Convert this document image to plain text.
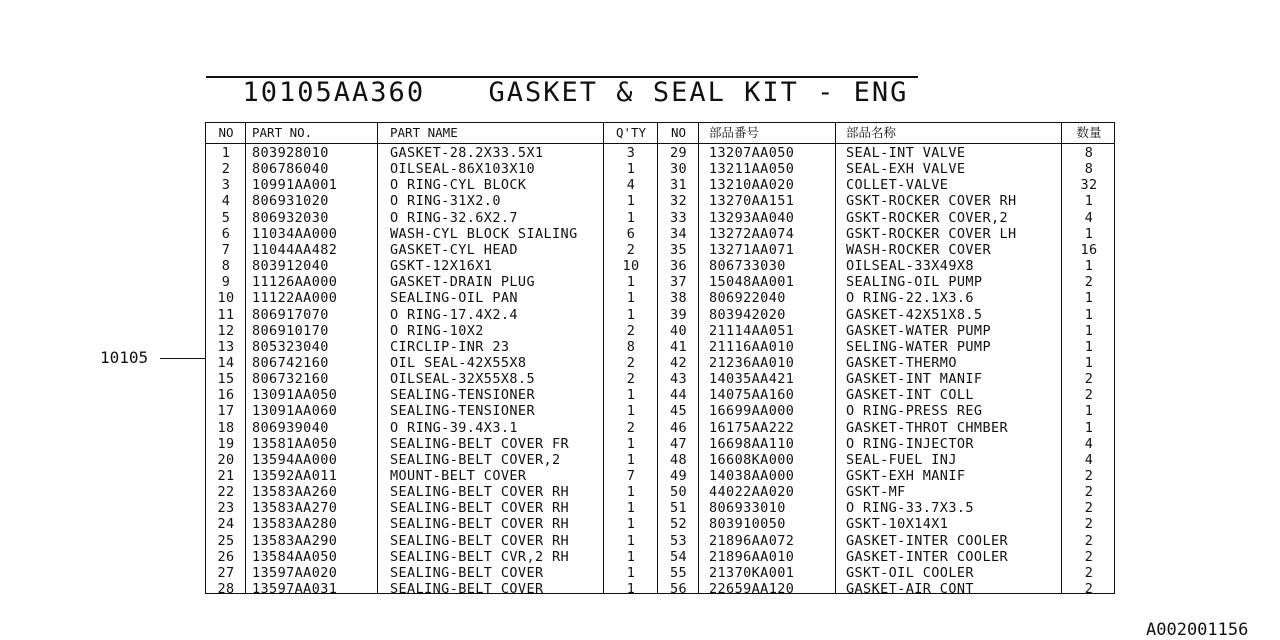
10105AA360 GASKET & SEAL KIT - ENG

10105
NO	PART NO.	PART NAME	Q'TY	NO	部品番号	部品名称	数量
1	803928010	GASKET-28.2X33.5X1	3	29	13207AA050	SEAL-INT VALVE	8
2	806786040	OILSEAL-86X103X10	1	30	13211AA050	SEAL-EXH VALVE	8
3	10991AA001	O RING-CYL BLOCK	4	31	13210AA020	COLLET-VALVE	32
4	806931020	O RING-31X2.0	1	32	13270AA151	GSKT-ROCKER COVER RH	1
5	806932030	O RING-32.6X2.7	1	33	13293AA040	GSKT-ROCKER COVER,2	4
6	11034AA000	WASH-CYL BLOCK SIALING	6	34	13272AA074	GSKT-ROCKER COVER LH	1
7	11044AA482	GASKET-CYL HEAD	2	35	13271AA071	WASH-ROCKER COVER	16
8	803912040	GSKT-12X16X1	10	36	806733030	OILSEAL-33X49X8	1
9	11126AA000	GASKET-DRAIN PLUG	1	37	15048AA001	SEALING-OIL PUMP	2
10	11122AA000	SEALING-OIL PAN	1	38	806922040	O RING-22.1X3.6	1
11	806917070	O RING-17.4X2.4	1	39	803942020	GASKET-42X51X8.5	1
12	806910170	O RING-10X2	2	40	21114AA051	GASKET-WATER PUMP	1
13	805323040	CIRCLIP-INR 23	8	41	21116AA010	SELING-WATER PUMP	1
14	806742160	OIL SEAL-42X55X8	2	42	21236AA010	GASKET-THERMO	1
15	806732160	OILSEAL-32X55X8.5	2	43	14035AA421	GASKET-INT MANIF	2
16	13091AA050	SEALING-TENSIONER	1	44	14075AA160	GASKET-INT COLL	2
17	13091AA060	SEALING-TENSIONER	1	45	16699AA000	O RING-PRESS REG	1
18	806939040	O RING-39.4X3.1	2	46	16175AA222	GASKET-THROT CHMBER	1
19	13581AA050	SEALING-BELT COVER FR	1	47	16698AA110	O RING-INJECTOR	4
20	13594AA000	SEALING-BELT COVER,2	1	48	16608KA000	SEAL-FUEL INJ	4
21	13592AA011	MOUNT-BELT COVER	7	49	14038AA000	GSKT-EXH MANIF	2
22	13583AA260	SEALING-BELT COVER RH	1	50	44022AA020	GSKT-MF	2
23	13583AA270	SEALING-BELT COVER RH	1	51	806933010	O RING-33.7X3.5	2
24	13583AA280	SEALING-BELT COVER RH	1	52	803910050	GSKT-10X14X1	2
25	13583AA290	SEALING-BELT COVER RH	1	53	21896AA072	GASKET-INTER COOLER	2
26	13584AA050	SEALING-BELT CVR,2 RH	1	54	21896AA010	GASKET-INTER COOLER	2
27	13597AA020	SEALING-BELT COVER	1	55	21370KA001	GSKT-OIL COOLER	2
28	13597AA031	SEALING-BELT COVER	1	56	22659AA120	GASKET-AIR CONT	2
A002001156
